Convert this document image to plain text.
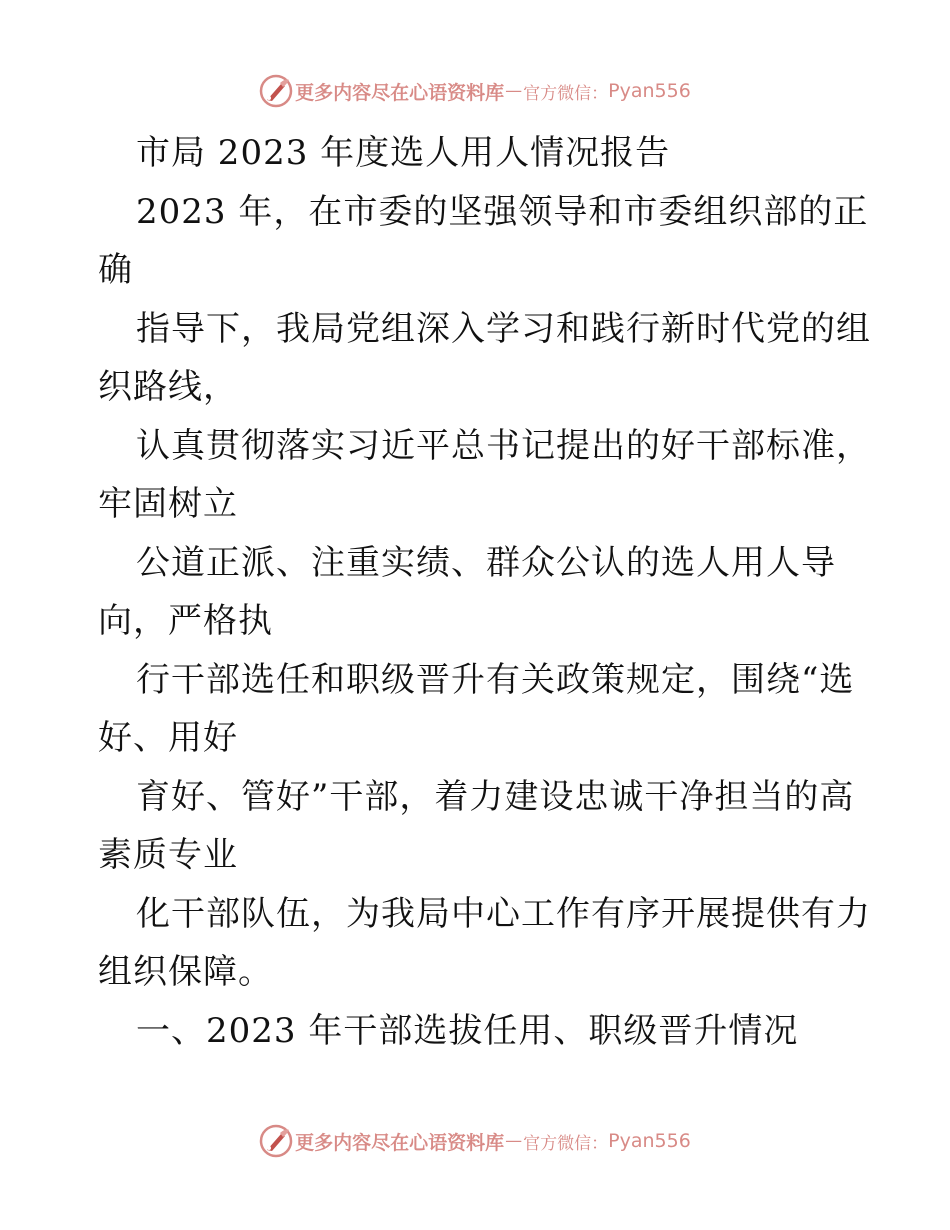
更多内容尽在心语资料库 — 官方微信： Pyan556
市局 2023 年度选人用人情况报告
2023 年，在市委的坚强领导和市委组织部的正
确
指导下，我局党组深入学习和践行新时代党的组
织路线，
认真贯彻落实习近平总书记提出的好干部标准，
牢固树立
公道正派、注重实绩、群众公认的选人用人导
向，严格执
行干部选任和职级晋升有关政策规定，围绕“选
好、用好
育好、管好”干部，着力建设忠诚干净担当的高
素质专业
化干部队伍，为我局中心工作有序开展提供有力
组织保障。
一、2023 年干部选拔任用、职级晋升情况
更多内容尽在心语资料库 — 官方微信： Pyan556
